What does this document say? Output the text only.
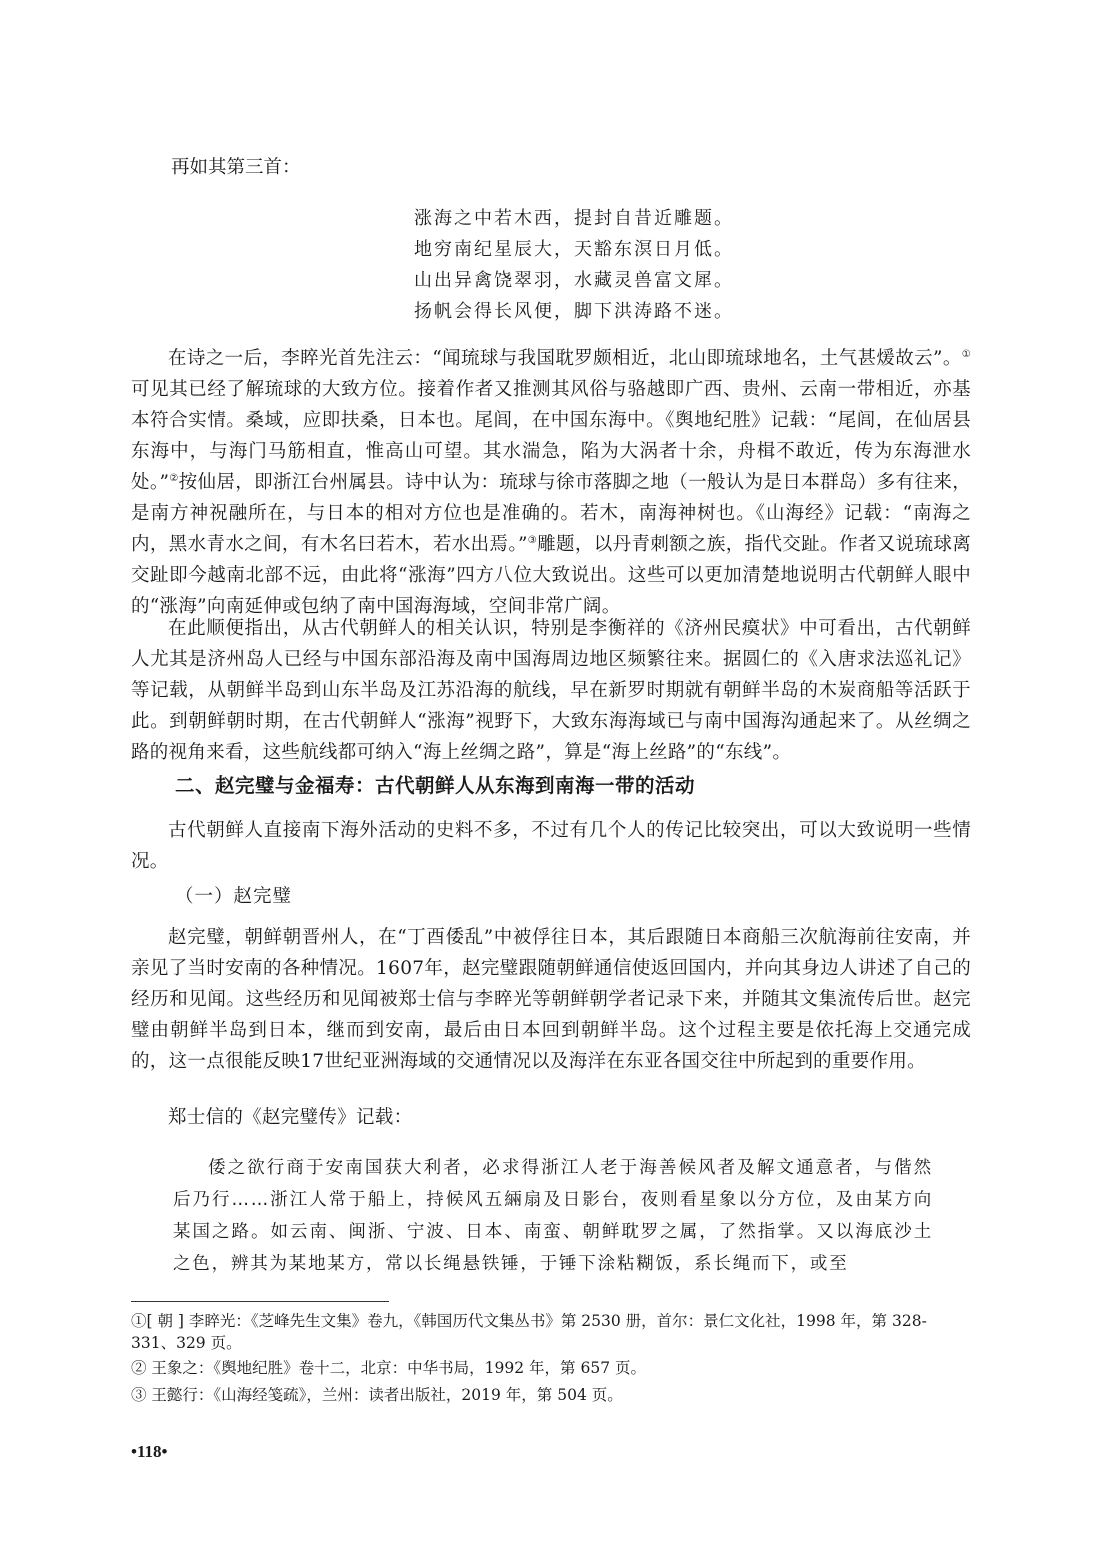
再如其第三首：

涨海之中若木西，提封自昔近雕题。
地穷南纪星辰大，天豁东溟日月低。
山出异禽饶翠羽，水藏灵兽富文犀。
扬帆会得长风便，脚下洪涛路不迷。

在诗之一后，李睟光首先注云：“闻琉球与我国耽罗颇相近，北山即琉球地名，土气甚煖故云”。①可见其已经了解琉球的大致方位。接着作者又推测其风俗与骆越即广西、贵州、云南一带相近，亦基本符合实情。桑域，应即扶桑，日本也。尾闾，在中国东海中。《舆地纪胜》记载：“尾闾，在仙居县东海中，与海门马筋相直，惟高山可望。其水湍急，陷为大涡者十余，舟楫不敢近，传为东海泄水处。”②按仙居，即浙江台州属县。诗中认为：琉球与徐市落脚之地（一般认为是日本群岛）多有往来，是南方神祝融所在，与日本的相对方位也是准确的。若木，南海神树也。《山海经》记载：“南海之内，黑水青水之间，有木名曰若木，若水出焉。”③雕题，以丹青刺额之族，指代交趾。作者又说琉球离交趾即今越南北部不远，由此将“涨海”四方八位大致说出。这些可以更加清楚地说明古代朝鲜人眼中的“涨海”向南延伸或包纳了南中国海海域，空间非常广阔。

在此顺便指出，从古代朝鲜人的相关认识，特别是李衡祥的《济州民瘼状》中可看出，古代朝鲜人尤其是济州岛人已经与中国东部沿海及南中国海周边地区频繁往来。据圆仁的《入唐求法巡礼记》等记载，从朝鲜半岛到山东半岛及江苏沿海的航线，早在新罗时期就有朝鲜半岛的木炭商船等活跃于此。到朝鲜朝时期，在古代朝鲜人“涨海”视野下，大致东海海域已与南中国海沟通起来了。从丝绸之路的视角来看，这些航线都可纳入“海上丝绸之路”，算是“海上丝路”的“东线”。

二、赵完璧与金福寿：古代朝鲜人从东海到南海一带的活动

古代朝鲜人直接南下海外活动的史料不多，不过有几个人的传记比较突出，可以大致说明一些情况。

（一）赵完璧

赵完璧，朝鲜朝晋州人，在“丁酉倭乱”中被俘往日本，其后跟随日本商船三次航海前往安南，并亲见了当时安南的各种情况。1607年，赵完璧跟随朝鲜通信使返回国内，并向其身边人讲述了自己的经历和见闻。这些经历和见闻被郑士信与李睟光等朝鲜朝学者记录下来，并随其文集流传后世。赵完璧由朝鲜半岛到日本，继而到安南，最后由日本回到朝鲜半岛。这个过程主要是依托海上交通完成的，这一点很能反映17世纪亚洲海域的交通情况以及海洋在东亚各国交往中所起到的重要作用。

郑士信的《赵完璧传》记载：

倭之欲行商于安南国获大利者，必求得浙江人老于海善候风者及解文通意者，与偕然后乃行……浙江人常于船上，持候风五緉扇及日影台，夜则看星象以分方位，及由某方向某国之路。如云南、闽浙、宁波、日本、南蛮、朝鲜耽罗之属，了然指掌。又以海底沙土之色，辨其为某地某方，常以长绳悬铁锤，于锤下涂粘糊饭，系长绳而下，或至

①[ 朝 ] 李睟光：《芝峰先生文集》卷九，《韩国历代文集丛书》第 2530 册，首尔：景仁文化社，1998 年，第 328-331、329 页。

② 王象之：《舆地纪胜》卷十二，北京：中华书局，1992 年，第 657 页。

③ 王懿行：《山海经笺疏》，兰州：读者出版社，2019 年，第 504 页。

•118•
